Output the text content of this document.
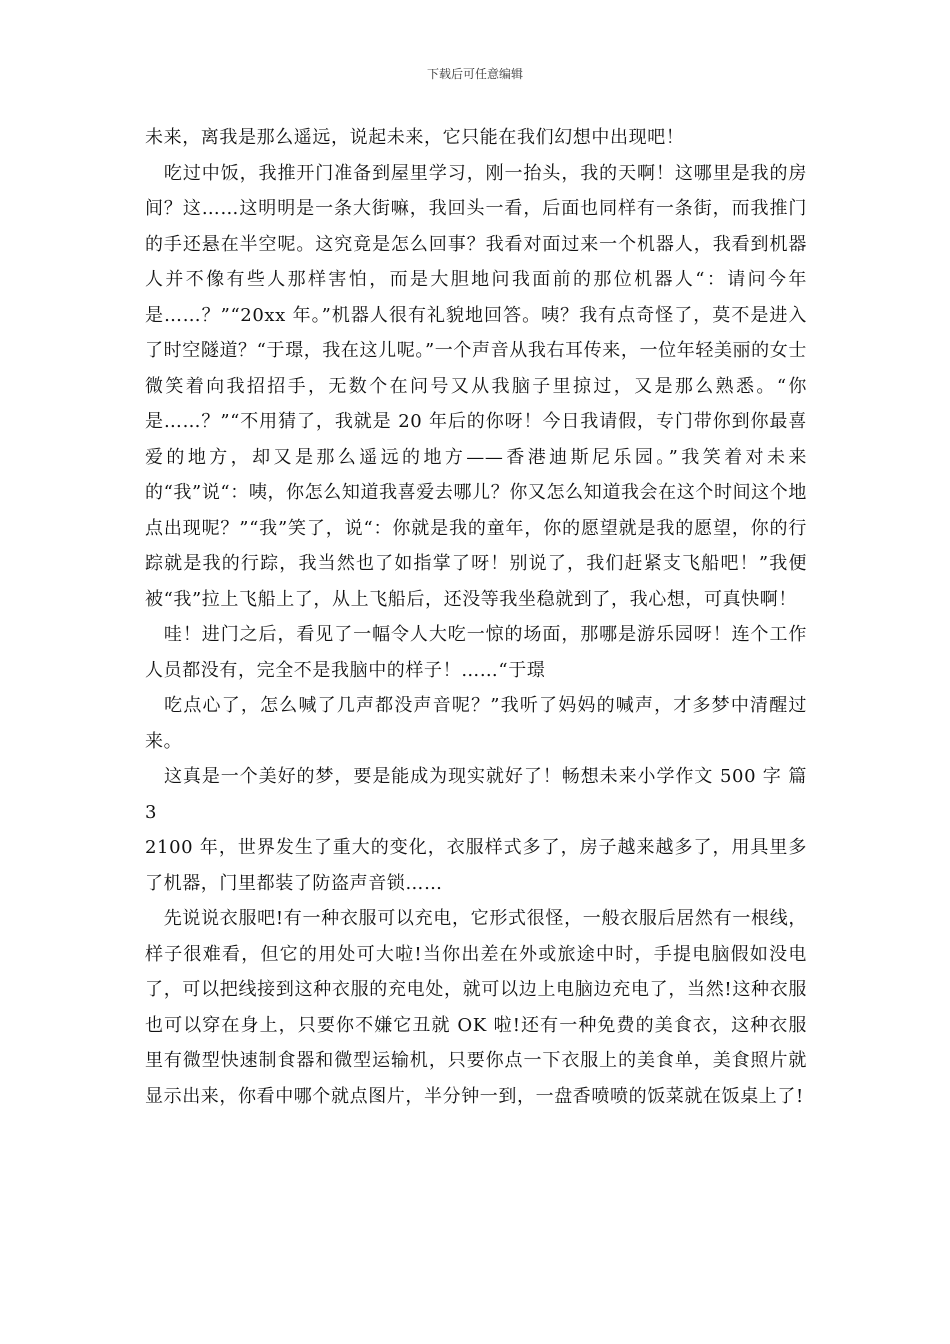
下载后可任意编辑

未来，离我是那么遥远，说起未来，它只能在我们幻想中出现吧！

　吃过中饭，我推开门准备到屋里学习，刚一抬头，我的天啊！这哪里是我的房间？这……这明明是一条大街嘛，我回头一看，后面也同样有一条街，而我推门的手还悬在半空呢。这究竟是怎么回事？我看对面过来一个机器人，我看到机器人并不像有些人那样害怕，而是大胆地问我面前的那位机器人“：请问今年是……？”“20xx 年。”机器人很有礼貌地回答。咦？我有点奇怪了，莫不是进入了时空隧道？“于璟，我在这儿呢。”一个声音从我右耳传来，一位年轻美丽的女士微笑着向我招招手，无数个在问号又从我脑子里掠过，又是那么熟悉。“你是……？”“不用猜了，我就是 20 年后的你呀！今日我请假，专门带你到你最喜爱的地方，却又是那么遥远的地方——香港迪斯尼乐园。”我笑着对未来的“我”说“：咦，你怎么知道我喜爱去哪儿？你又怎么知道我会在这个时间这个地点出现呢？”“我”笑了，说“：你就是我的童年，你的愿望就是我的愿望，你的行踪就是我的行踪，我当然也了如指掌了呀！别说了，我们赶紧支飞船吧！”我便被“我”拉上飞船上了，从上飞船后，还没等我坐稳就到了，我心想，可真快啊！

　哇！进门之后，看见了一幅令人大吃一惊的场面，那哪是游乐园呀！连个工作人员都没有，完全不是我脑中的样子！……“于璟

　吃点心了，怎么喊了几声都没声音呢？”我听了妈妈的喊声，才多梦中清醒过来。

　这真是一个美好的梦，要是能成为现实就好了！畅想未来小学作文 500 字 篇 3

2100 年，世界发生了重大的变化，衣服样式多了，房子越来越多了，用具里多了机器，门里都装了防盗声音锁……

　先说说衣服吧!有一种衣服可以充电，它形式很怪，一般衣服后居然有一根线，样子很难看，但它的用处可大啦!当你出差在外或旅途中时，手提电脑假如没电了，可以把线接到这种衣服的充电处，就可以边上电脑边充电了，当然!这种衣服也可以穿在身上，只要你不嫌它丑就 OK 啦!还有一种免费的美食衣，这种衣服里有微型快速制食器和微型运输机，只要你点一下衣服上的美食单，美食照片就显示出来，你看中哪个就点图片，半分钟一到，一盘香喷喷的饭菜就在饭桌上了!
